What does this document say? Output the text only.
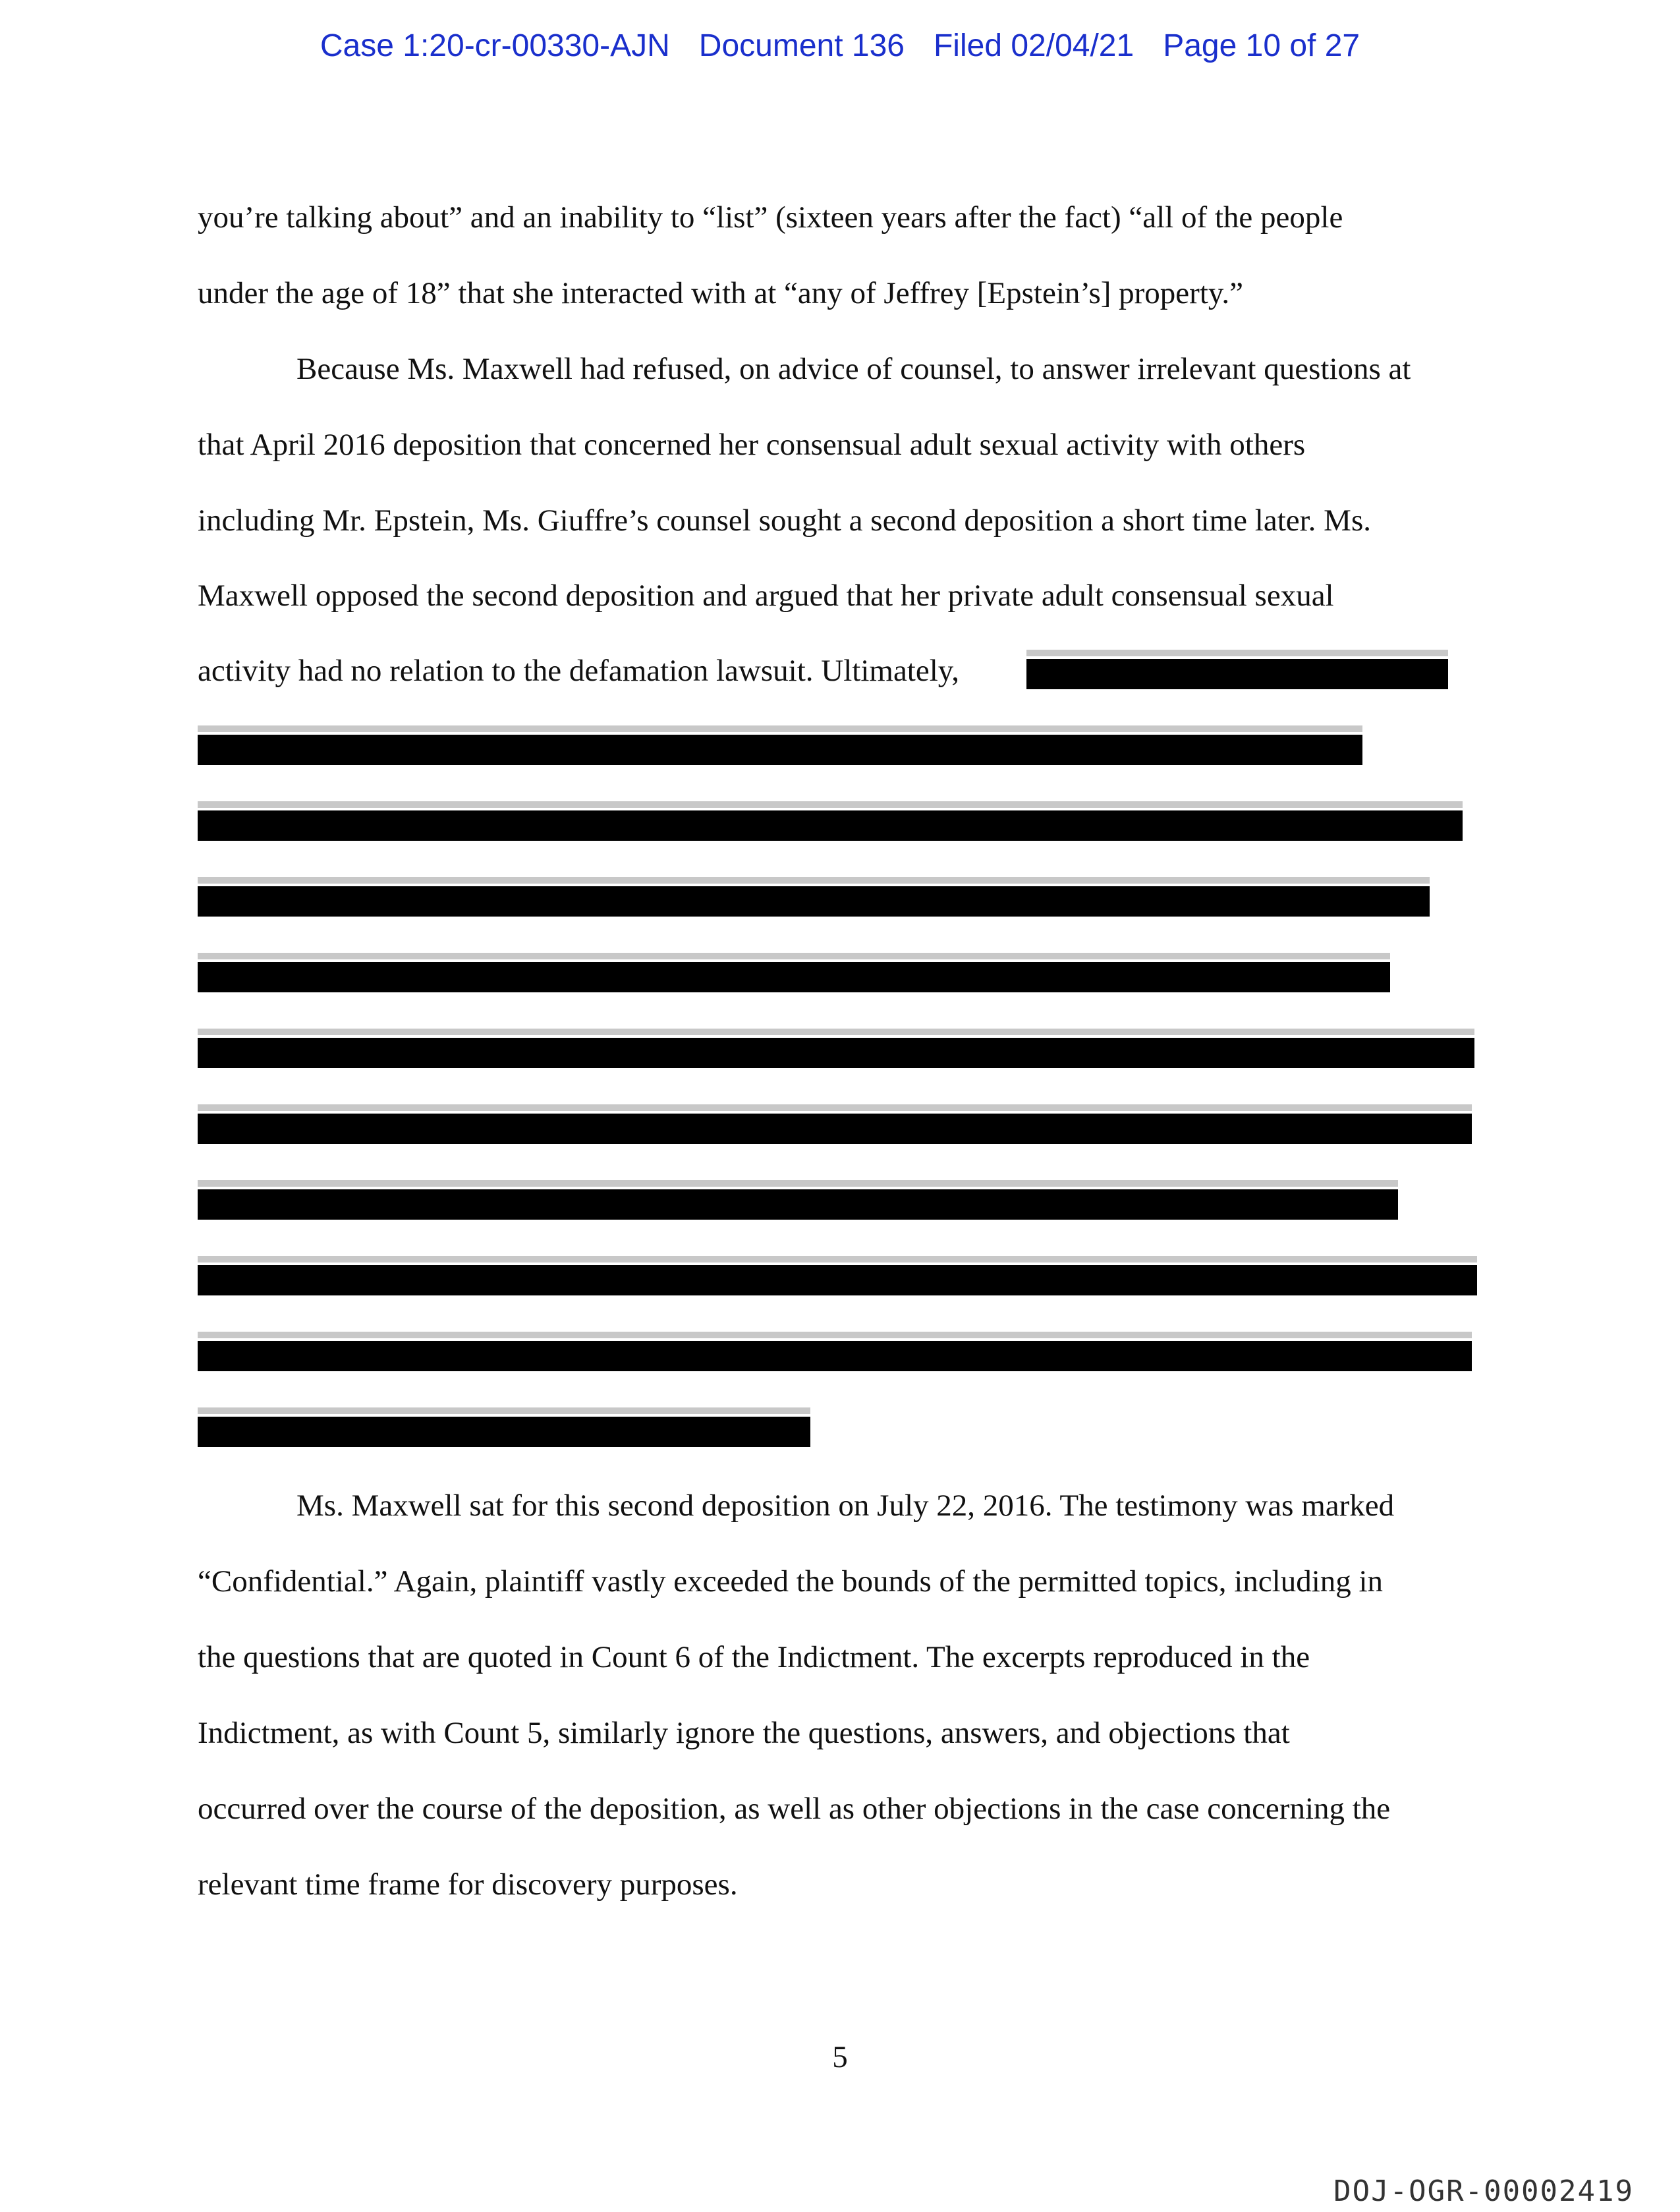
Case 1:20-cr-00330-AJN Document 136 Filed 02/04/21 Page 10 of 27
you’re talking about” and an inability to “list” (sixteen years after the fact) “all of the people
under the age of 18” that she interacted with at “any of Jeffrey [Epstein’s] property.”
Because Ms. Maxwell had refused, on advice of counsel, to answer irrelevant questions at
that April 2016 deposition that concerned her consensual adult sexual activity with others
including Mr. Epstein, Ms. Giuffre’s counsel sought a second deposition a short time later. Ms.
Maxwell opposed the second deposition and argued that her private adult consensual sexual
activity had no relation to the defamation lawsuit. Ultimately,
Ms. Maxwell sat for this second deposition on July 22, 2016. The testimony was marked
“Confidential.” Again, plaintiff vastly exceeded the bounds of the permitted topics, including in
the questions that are quoted in Count 6 of the Indictment. The excerpts reproduced in the
Indictment, as with Count 5, similarly ignore the questions, answers, and objections that
occurred over the course of the deposition, as well as other objections in the case concerning the
relevant time frame for discovery purposes.
5
DOJ-OGR-00002419
